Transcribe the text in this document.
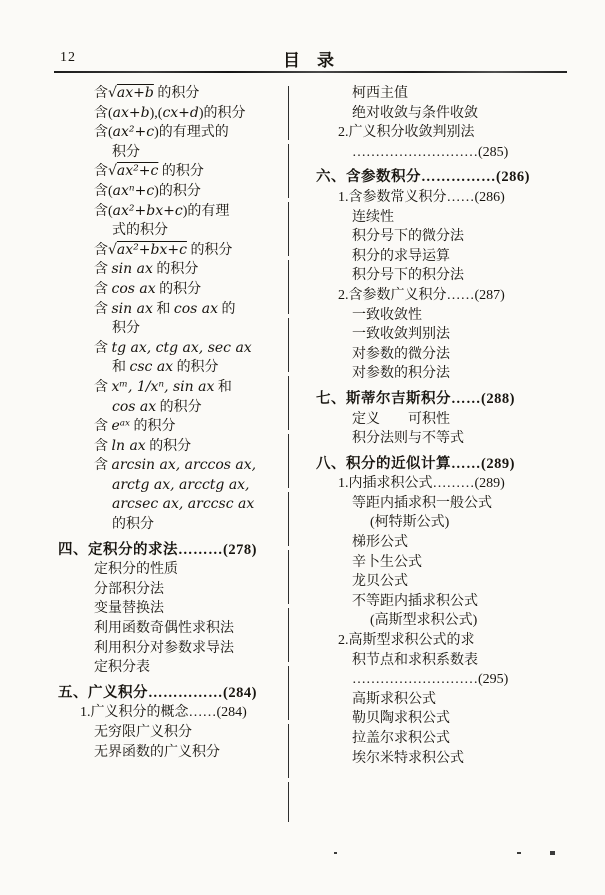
12	目　录
含√ax+b 的积分
含(ax+b),(cx+d)的积分
含(ax²+c)的有理式的
积分
含√ax²+c 的积分
含(axⁿ+c)的积分
含(ax²+bx+c)的有理
式的积分
含√ax²+bx+c 的积分
含 sin ax 的积分
含 cos ax 的积分
含 sin ax 和 cos ax 的
积分
含 tg ax, ctg ax, sec ax
和 csc ax 的积分
含 xᵐ, 1/xⁿ, sin ax 和
cos ax 的积分
含 eᵃˣ 的积分
含 ln ax 的积分
含 arcsin ax, arccos ax,
arctg ax, arcctg ax,
arcsec ax, arccsc ax
的积分
四、定积分的求法………(278)
定积分的性质
分部积分法
变量替换法
利用函数奇偶性求积法
利用积分对参数求导法
定积分表
五、广义积分……………(284)
1.广义积分的概念……(284)
无穷限广义积分
无界函数的广义积分
柯西主值
绝对收敛与条件收敛
2.广义积分收敛判别法
………………………(285)
六、含参数积分……………(286)
1.含参数常义积分……(286)
连续性
积分号下的微分法
积分的求导运算
积分号下的积分法
2.含参数广义积分……(287)
一致收敛性
一致收敛判别法
对参数的微分法
对参数的积分法
七、斯蒂尔吉斯积分……(288)
定义　　可积性
积分法则与不等式
八、积分的近似计算……(289)
1.内插求积公式………(289)
等距内插求积一般公式
(柯特斯公式)
梯形公式
辛卜生公式
龙贝公式
不等距内插求积公式
(高斯型求积公式)
2.高斯型求积公式的求
积节点和求积系数表
………………………(295)
高斯求积公式
勒贝陶求积公式
拉盖尔求积公式
埃尔米特求积公式
